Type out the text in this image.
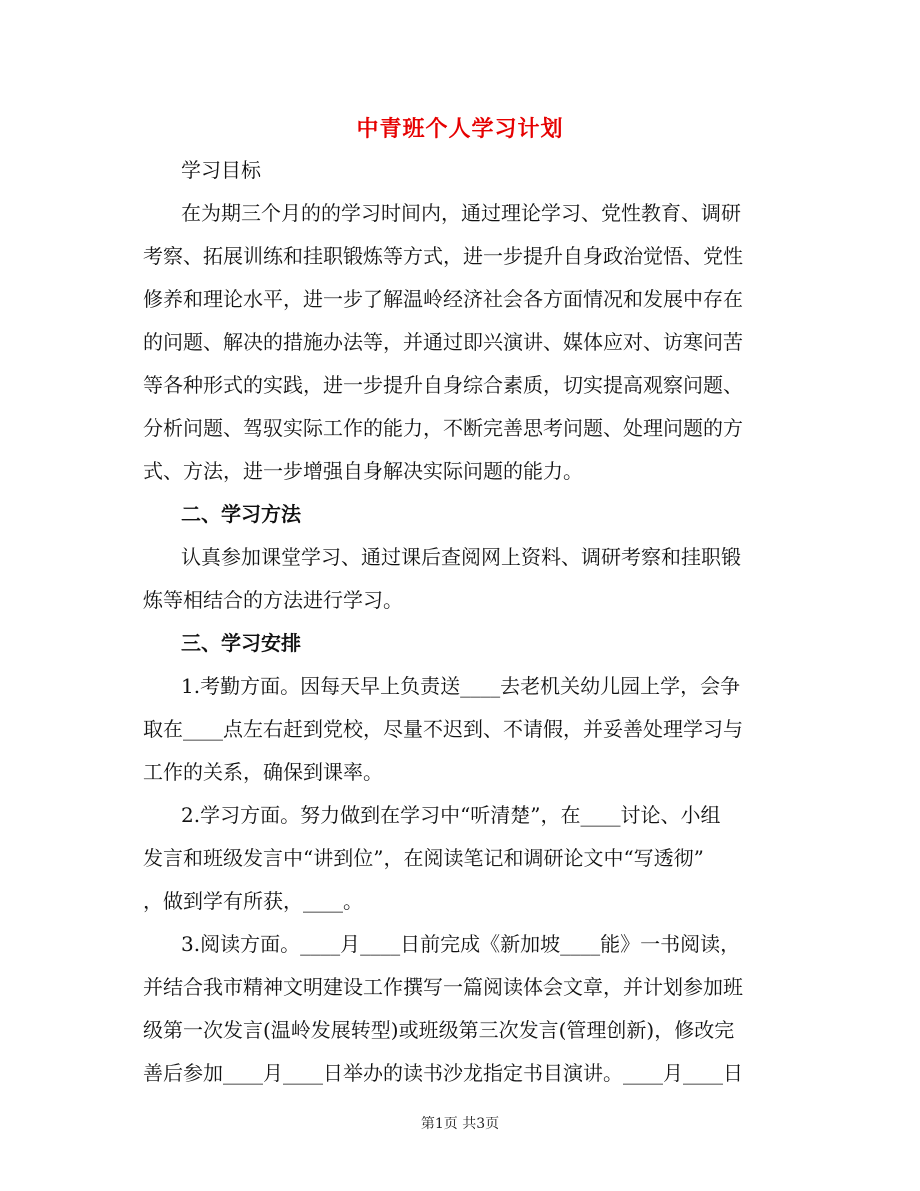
中青班个人学习计划
学习目标
在为期三个月的的学习时间内，通过理论学习、党性教育、调研
考察、拓展训练和挂职锻炼等方式，进一步提升自身政治觉悟、党性
修养和理论水平，进一步了解温岭经济社会各方面情况和发展中存在
的问题、解决的措施办法等，并通过即兴演讲、媒体应对、访寒问苦
等各种形式的实践，进一步提升自身综合素质，切实提高观察问题、
分析问题、驾驭实际工作的能力，不断完善思考问题、处理问题的方
式、方法，进一步增强自身解决实际问题的能力。
二、学习方法
认真参加课堂学习、通过课后查阅网上资料、调研考察和挂职锻
炼等相结合的方法进行学习。
三、学习安排
1.考勤方面。因每天早上负责送____去老机关幼儿园上学，会争
取在____点左右赶到党校，尽量不迟到、不请假，并妥善处理学习与
工作的关系，确保到课率。
2.学习方面。努力做到在学习中“听清楚”，在____讨论、小组
发言和班级发言中“讲到位”，在阅读笔记和调研论文中“写透彻”
，做到学有所获，____。
3.阅读方面。____月____日前完成《新加坡____能》一书阅读，
并结合我市精神文明建设工作撰写一篇阅读体会文章，并计划参加班
级第一次发言(温岭发展转型)或班级第三次发言(管理创新)，修改完
善后参加____月____日举办的读书沙龙指定书目演讲。____月____日
第1页 共3页
